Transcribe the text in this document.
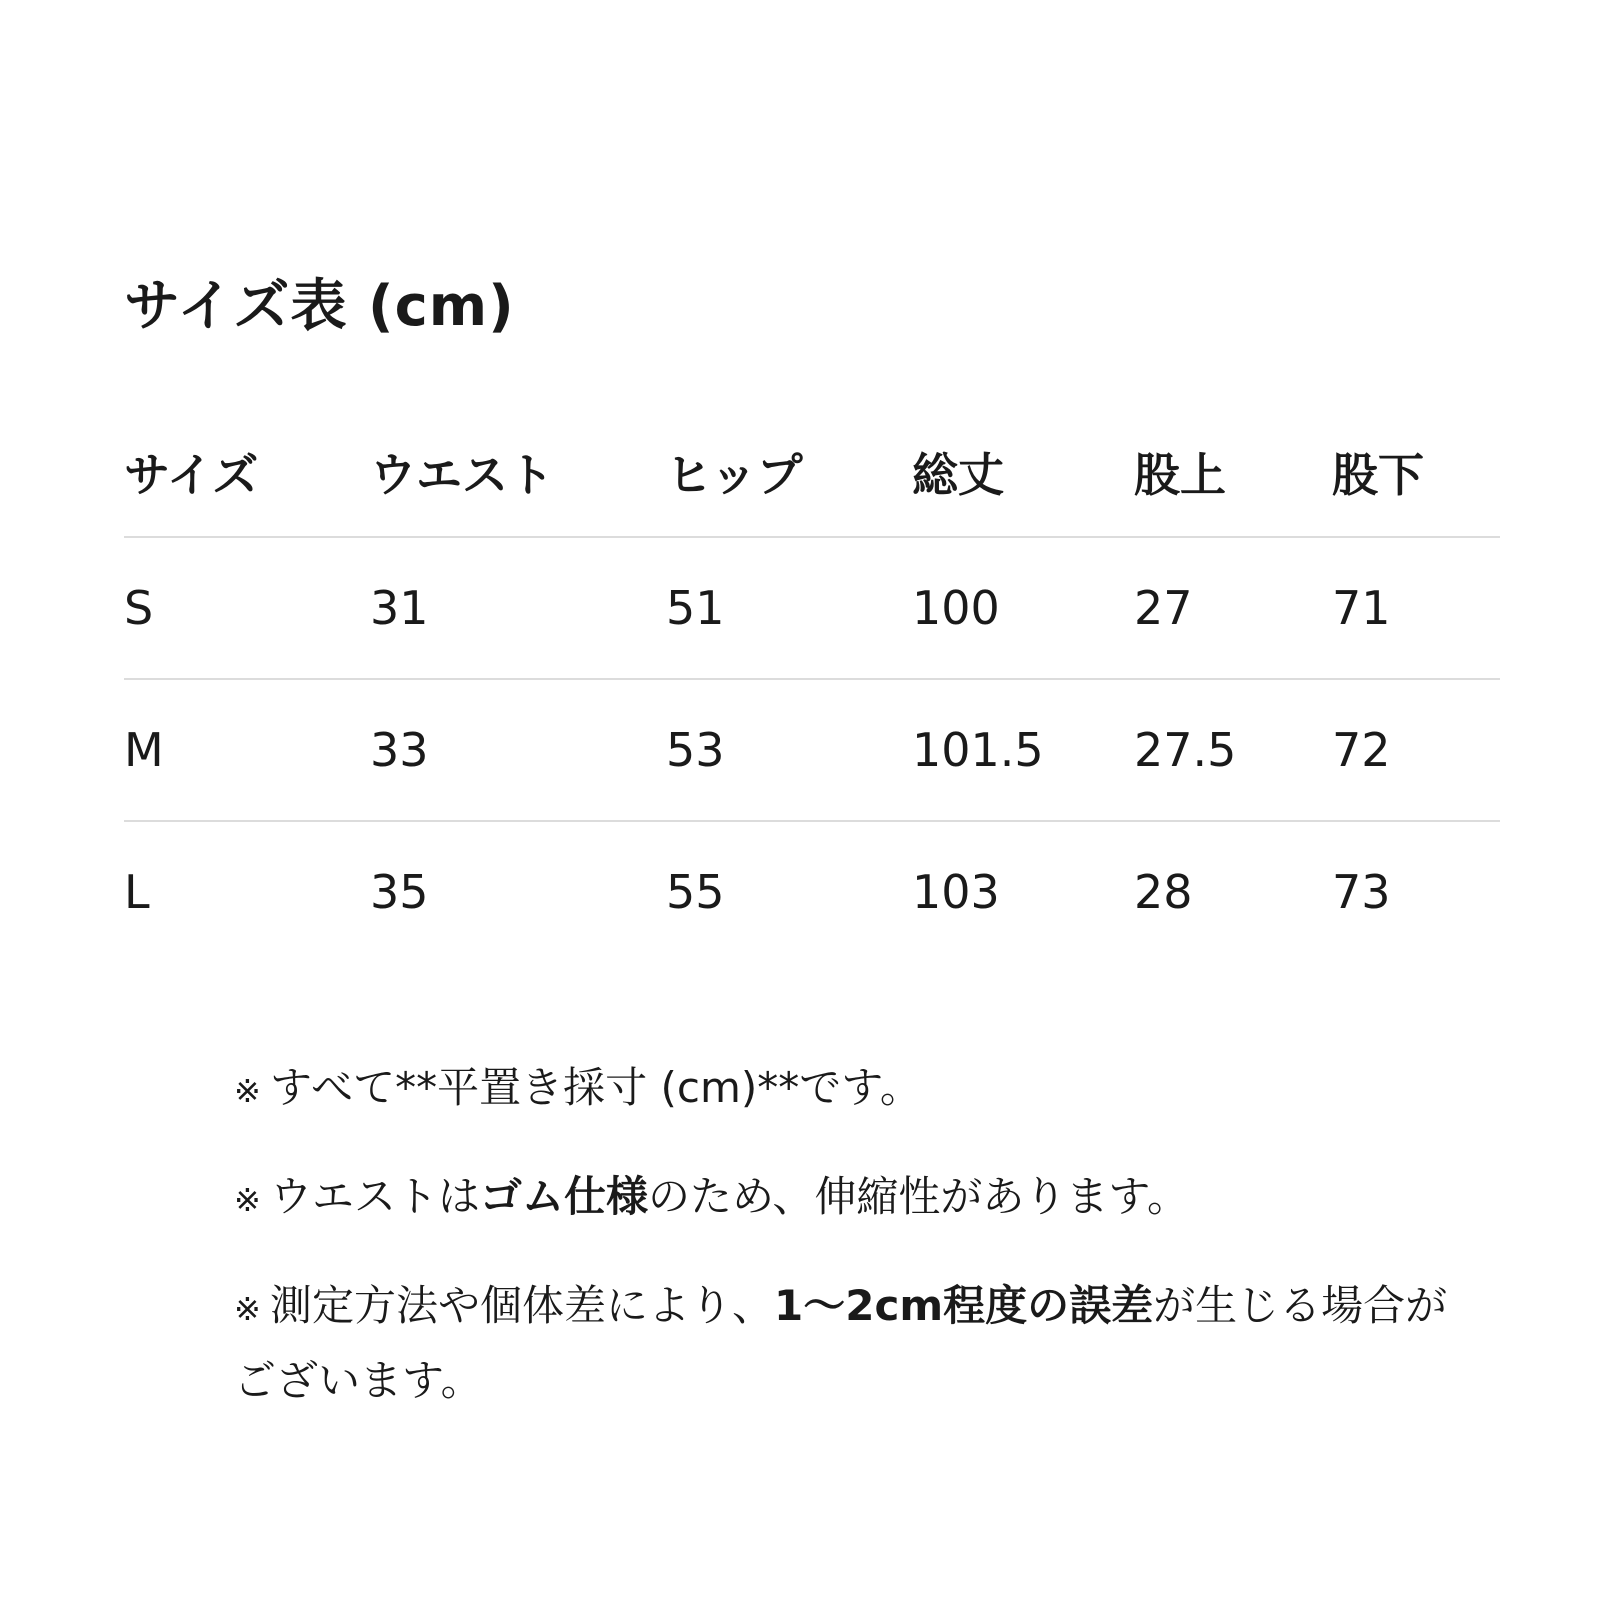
サイズ表 (cm)
サイズ	ウエスト	ヒップ	総丈	股上	股下
S	31	51	100	27	71
M	33	53	101.5	27.5	72
L	35	55	103	28	73

※ すべて**平置き採寸 (cm)**です。

※ ウエストはゴム仕様のため、伸縮性があります。

※ 測定方法や個体差により、1〜2cm程度の誤差が生じる場合がございます。
